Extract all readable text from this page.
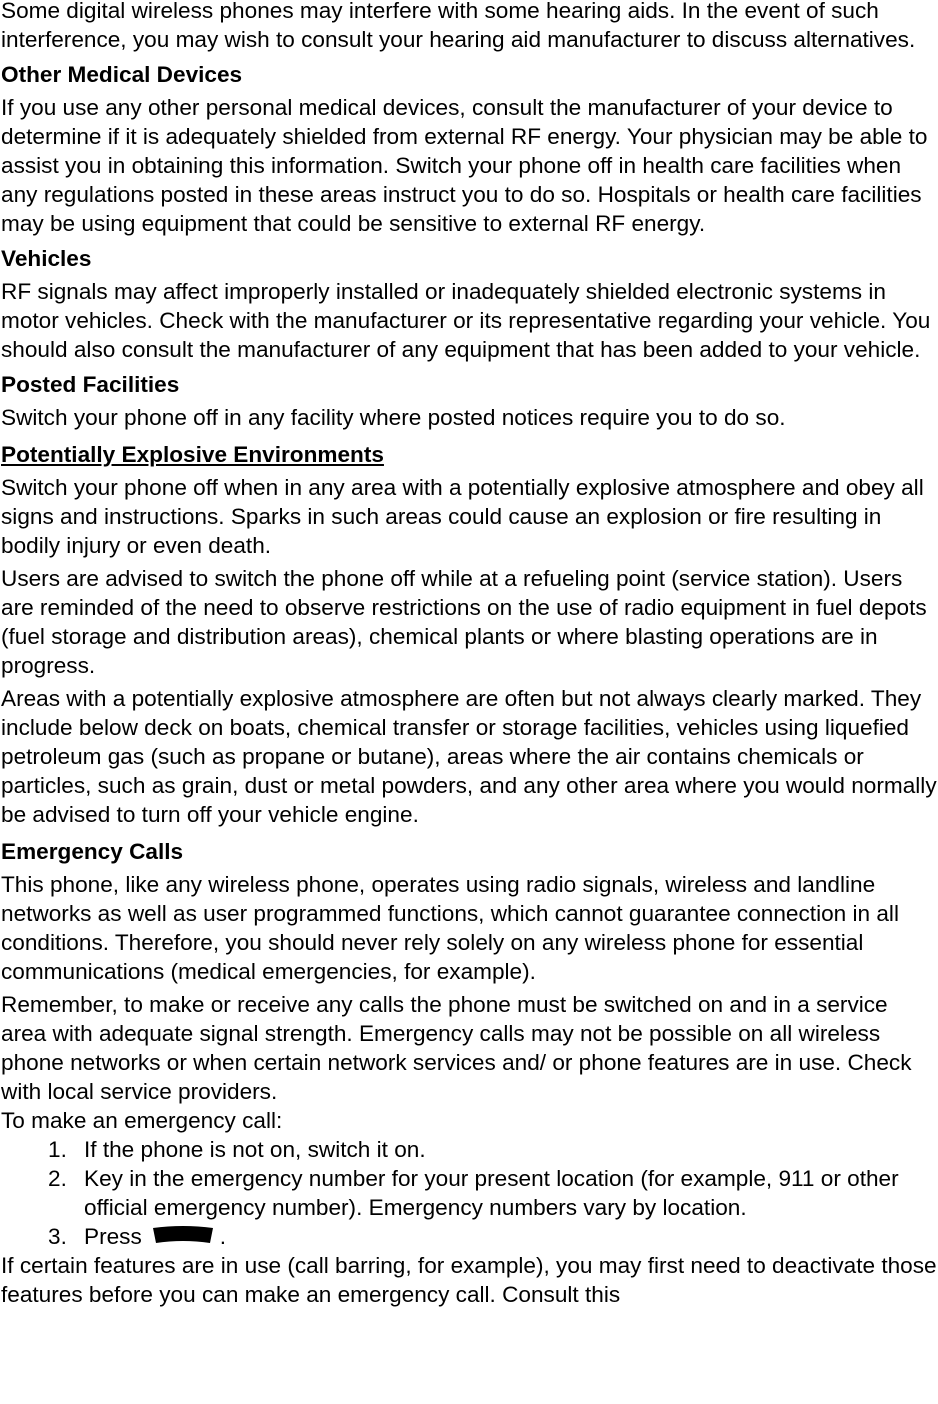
Some digital wireless phones may interfere with some hearing aids. In the event of such interference, you may wish to consult your hearing aid manufacturer to discuss alternatives.

Other Medical Devices

If you use any other personal medical devices, consult the manufacturer of your device to determine if it is adequately shielded from external RF energy. Your physician may be able to assist you in obtaining this information. Switch your phone off in health care facilities when any regulations posted in these areas instruct you to do so. Hospitals or health care facilities may be using equipment that could be sensitive to external RF energy.

Vehicles

RF signals may affect improperly installed or inadequately shielded electronic systems in motor vehicles. Check with the manufacturer or its representative regarding your vehicle. You should also consult the manufacturer of any equipment that has been added to your vehicle.

Posted Facilities

Switch your phone off in any facility where posted notices require you to do so.

Potentially Explosive Environments

Switch your phone off when in any area with a potentially explosive atmosphere and obey all signs and instructions. Sparks in such areas could cause an explosion or fire resulting in bodily injury or even death.

Users are advised to switch the phone off while at a refueling point (service station). Users are reminded of the need to observe restrictions on the use of radio equipment in fuel depots (fuel storage and distribution areas), chemical plants or where blasting operations are in progress.

Areas with a potentially explosive atmosphere are often but not always clearly marked. They include below deck on boats, chemical transfer or storage facilities, vehicles using liquefied petroleum gas (such as propane or butane), areas where the air contains chemicals or particles, such as grain, dust or metal powders, and any other area where you would normally be advised to turn off your vehicle engine.

Emergency Calls

This phone, like any wireless phone, operates using radio signals, wireless and landline networks as well as user programmed functions, which cannot guarantee connection in all conditions. Therefore, you should never rely solely on any wireless phone for essential communications (medical emergencies, for example).

Remember, to make or receive any calls the phone must be switched on and in a service area with adequate signal strength. Emergency calls may not be possible on all wireless phone networks or when certain network services and/ or phone features are in use. Check with local service providers.

To make an emergency call:

1. If the phone is not on, switch it on.
2. Key in the emergency number for your present location (for example, 911 or other official emergency number). Emergency numbers vary by location.
3. Press	.

If certain features are in use (call barring, for example), you may first need to deactivate those features before you can make an emergency call. Consult this
